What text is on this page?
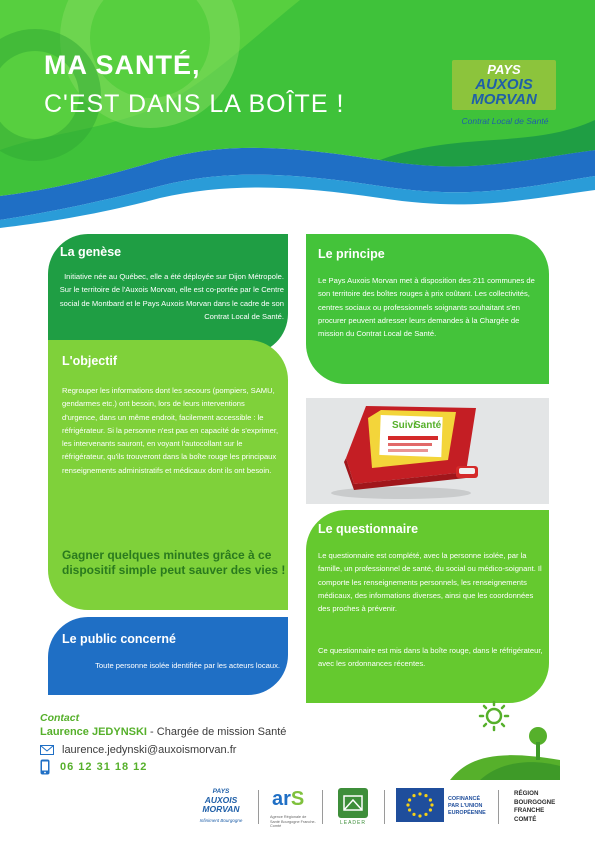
MA SANTÉ,
C'EST DANS LA BOÎTE !
PAYS
AUXOIS
MORVAN
Contrat Local de Santé
La genèse

Initiative née au Québec, elle a été déployée sur Dijon Métropole. Sur le territoire de l'Auxois Morvan, elle est co-portée par le Centre social de Montbard et le Pays Auxois Morvan dans le cadre de son Contrat Local de Santé.

L'objectif

Regrouper les informations dont les secours (pompiers, SAMU, gendarmes etc.) ont besoin, lors de leurs interventions d'urgence, dans un même endroit, facilement accessible : le réfrigérateur. Si la personne n'est pas en capacité de s'exprimer, les intervenants sauront, en voyant l'autocollant sur le réfrigérateur, qu'ils trouveront dans la boîte rouge les principaux renseignements administratifs et médicaux dont ils ont besoin.

Gagner quelques minutes grâce à ce dispositif simple peut sauver des vies !
Le public concerné

Toute personne isolée identifiée par les acteurs locaux.

Le principe

Le Pays Auxois Morvan met à disposition des 211 communes de son territoire des boîtes rouges à prix coûtant. Les collectivités, centres sociaux ou professionnels soignants souhaitant s'en procurer peuvent adresser leurs demandes à la Chargée de mission du Contrat Local de Santé.

Suivi
Santé
Le questionnaire

Le questionnaire est complété, avec la personne isolée, par la famille, un professionnel de santé, du social ou médico-soignant. Il comporte les renseignements personnels, les renseignements médicaux, des informations diverses, ainsi que les coordonnées des proches à prévenir.

Ce questionnaire est mis dans la boîte rouge, dans le réfrigérateur, avec les ordonnances récentes.

Contact
Laurence JEDYNSKI - Chargée de mission Santé
laurence.jedynski@auxoismorvan.fr
06 12 31 18 12
PAYS
AUXOIS
MORVAN
Infiniment Bourgogne
arS
Agence Régionale de Santé Bourgogne Franche-Comté
LEADER
COFINANCÉ
PAR L'UNION
EUROPÉENNE
RÉGION
BOURGOGNE
FRANCHE
COMTÉ
